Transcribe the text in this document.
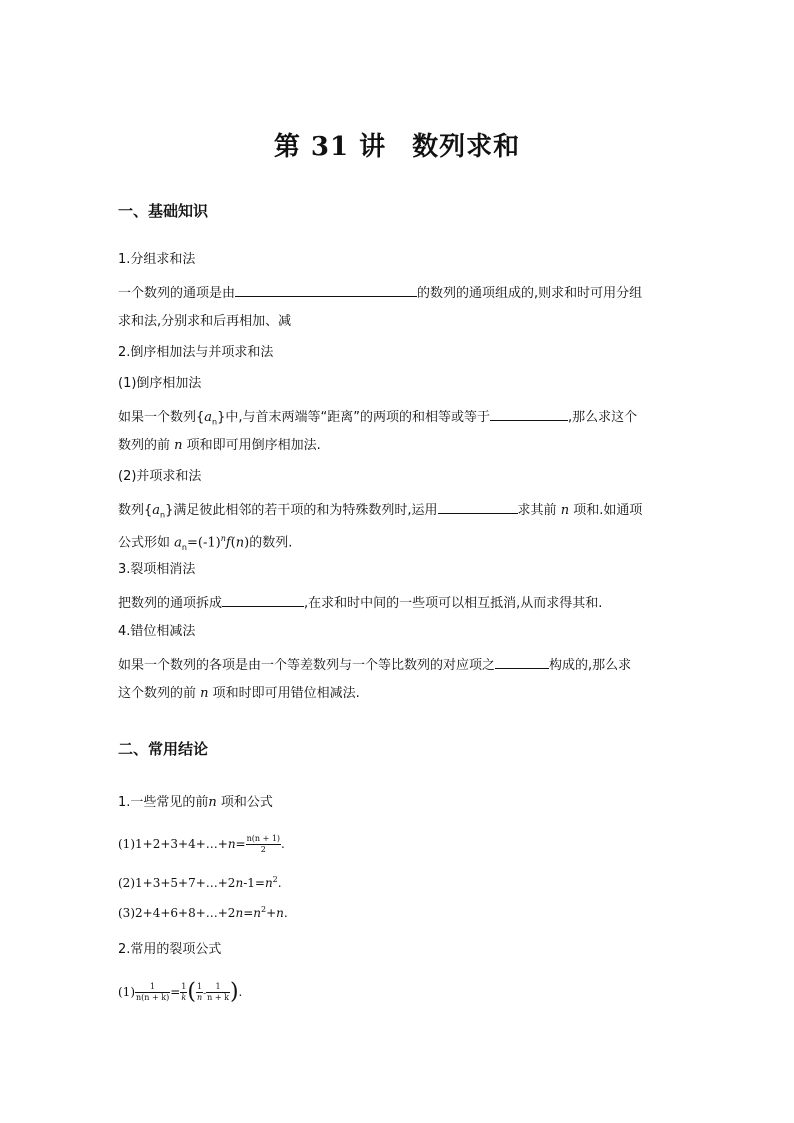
第 31 讲 数列求和
一、基础知识
1.分组求和法
一个数列的通项是由	的数列的通项组成的,则求和时可用分组
求和法,分别求和后再相加、减
2.倒序相加法与并项求和法
(1)倒序相加法
如果一个数列$\{a_n\}$中,与首末两端等“距离”的两项的和相等或等于	,那么求这个
数列的前 n 项和即可用倒序相加法.
(2)并项求和法
数列$\{a_n\}$满足彼此相邻的若干项的和为特殊数列时,运用	求其前 n 项和.如通项
公式形如 $a_n=(-1)^nf(n)$的数列.
3.裂项相消法
把数列的通项拆成	,在求和时中间的一些项可以相互抵消,从而求得其和.
4.错位相减法
如果一个数列的各项是由一个等差数列与一个等比数列的对应项之	构成的,那么求
这个数列的前 n 项和时即可用错位相减法.
二、常用结论
1.一些常见的前n 项和公式
(1)1+2+3+4+…+n= $\frac{n(n + 1)}{2}$ .
$(2)1+3+5+7+\dots+2n-1=n^2$.
$(3)2+4+6+8+\dots+2n=n^2+n$.
2.常用的裂项公式
$(1) \frac{1}{n(n + k)} = \frac{1}{k}$ ( $\frac{1}{n} - \frac{1}{n + k}$ ).
